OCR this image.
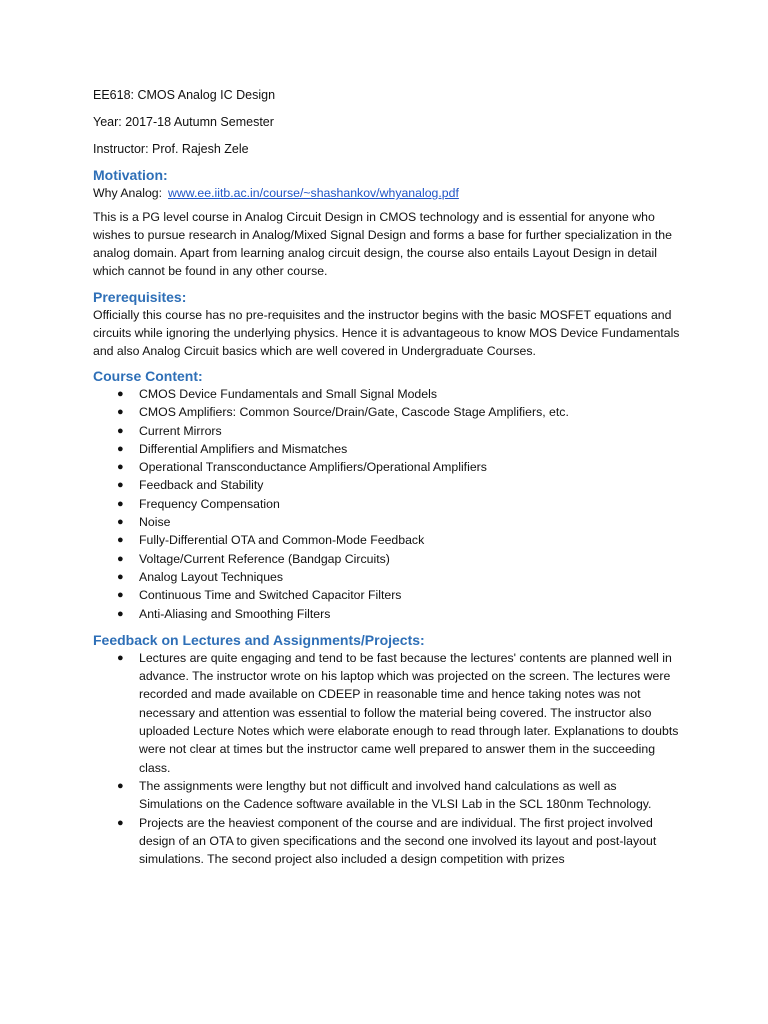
EE618: CMOS Analog IC Design

Year: 2017-18 Autumn Semester

Instructor: Prof. Rajesh Zele

Motivation:

Why Analog: www.ee.iitb.ac.in/course/~shashankov/whyanalog.pdf

This is a PG level course in Analog Circuit Design in CMOS technology and is essential for anyone who wishes to pursue research in Analog/Mixed Signal Design and forms a base for further specialization in the analog domain. Apart from learning analog circuit design, the course also entails Layout Design in detail which cannot be found in any other course.

Prerequisites:

Officially this course has no pre-requisites and the instructor begins with the basic MOSFET equations and circuits while ignoring the underlying physics. Hence it is advantageous to know MOS Device Fundamentals and also Analog Circuit basics which are well covered in Undergraduate Courses.

Course Content:
● CMOS Device Fundamentals and Small Signal Models
● CMOS Amplifiers: Common Source/Drain/Gate, Cascode Stage Amplifiers, etc.
● Current Mirrors
● Differential Amplifiers and Mismatches
● Operational Transconductance Amplifiers/Operational Amplifiers
● Feedback and Stability
● Frequency Compensation
● Noise
● Fully-Differential OTA and Common-Mode Feedback
● Voltage/Current Reference (Bandgap Circuits)
● Analog Layout Techniques
● Continuous Time and Switched Capacitor Filters
● Anti-Aliasing and Smoothing Filters
Feedback on Lectures and Assignments/Projects:
● Lectures are quite engaging and tend to be fast because the lectures' contents are planned well in advance. The instructor wrote on his laptop which was projected on the screen. The lectures were recorded and made available on CDEEP in reasonable time and hence taking notes was not necessary and attention was essential to follow the material being covered. The instructor also uploaded Lecture Notes which were elaborate enough to read through later. Explanations to doubts were not clear at times but the instructor came well prepared to answer them in the succeeding class.
● The assignments were lengthy but not difficult and involved hand calculations as well as Simulations on the Cadence software available in the VLSI Lab in the SCL 180nm Technology.
● Projects are the heaviest component of the course and are individual. The first project involved design of an OTA to given specifications and the second one involved its layout and post-layout simulations. The second project also included a design competition with prizes
